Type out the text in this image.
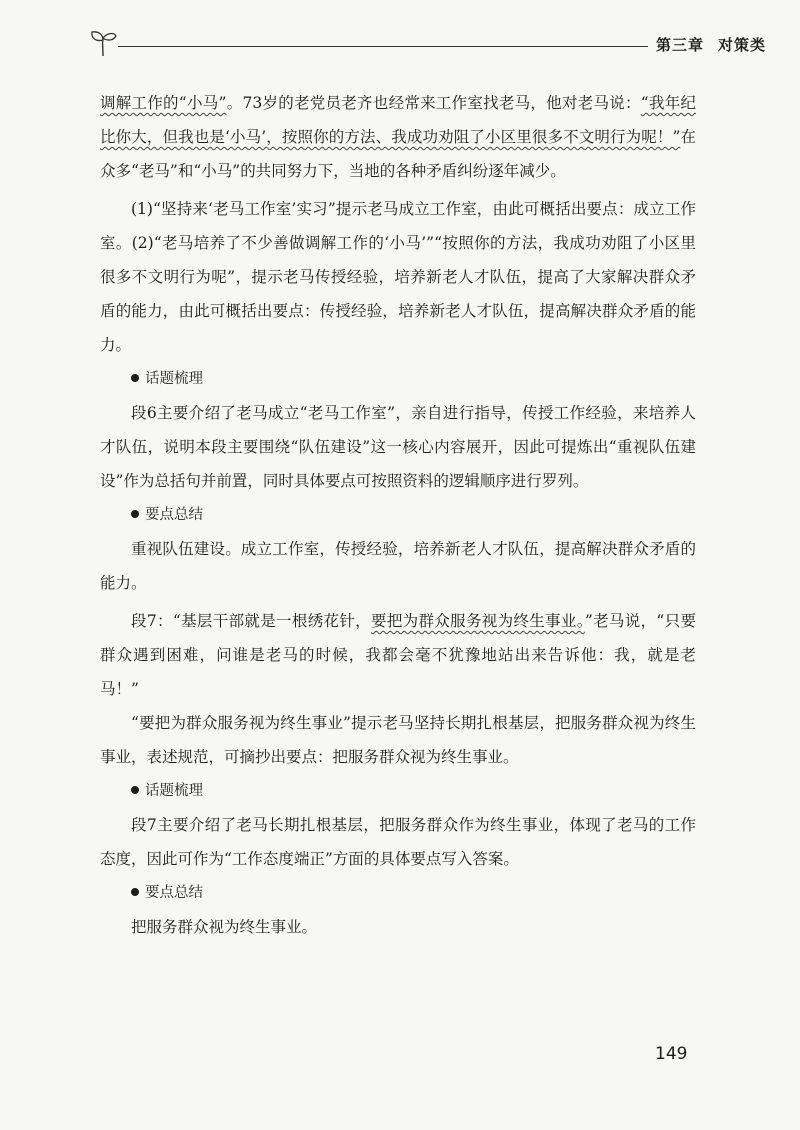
第三章 对策类

调解工作的“小马”。73岁的老党员老齐也经常来工作室找老马，他对老马说：“我年纪比你大，但我也是‘小马’，按照你的方法、我成功劝阻了小区里很多不文明行为呢！”在众多“老马”和“小马”的共同努力下，当地的各种矛盾纠纷逐年减少。

(1)“坚持来‘老马工作室’实习”提示老马成立工作室，由此可概括出要点：成立工作室。(2)“老马培养了不少善做调解工作的‘小马’”“按照你的方法，我成功劝阻了小区里很多不文明行为呢”，提示老马传授经验，培养新老人才队伍，提高了大家解决群众矛盾的能力，由此可概括出要点：传授经验，培养新老人才队伍，提高解决群众矛盾的能力。

话题梳理

段6主要介绍了老马成立“老马工作室”，亲自进行指导，传授工作经验，来培养人才队伍，说明本段主要围绕“队伍建设”这一核心内容展开，因此可提炼出“重视队伍建设”作为总括句并前置，同时具体要点可按照资料的逻辑顺序进行罗列。

要点总结

重视队伍建设。成立工作室，传授经验，培养新老人才队伍，提高解决群众矛盾的能力。

段7：“基层干部就是一根绣花针，要把为群众服务视为终生事业。”老马说，“只要群众遇到困难，问谁是老马的时候，我都会毫不犹豫地站出来告诉他：我，就是老马！”

“要把为群众服务视为终生事业”提示老马坚持长期扎根基层，把服务群众视为终生事业，表述规范，可摘抄出要点：把服务群众视为终生事业。

话题梳理

段7主要介绍了老马长期扎根基层，把服务群众作为终生事业，体现了老马的工作态度，因此可作为“工作态度端正”方面的具体要点写入答案。

要点总结

把服务群众视为终生事业。

149
